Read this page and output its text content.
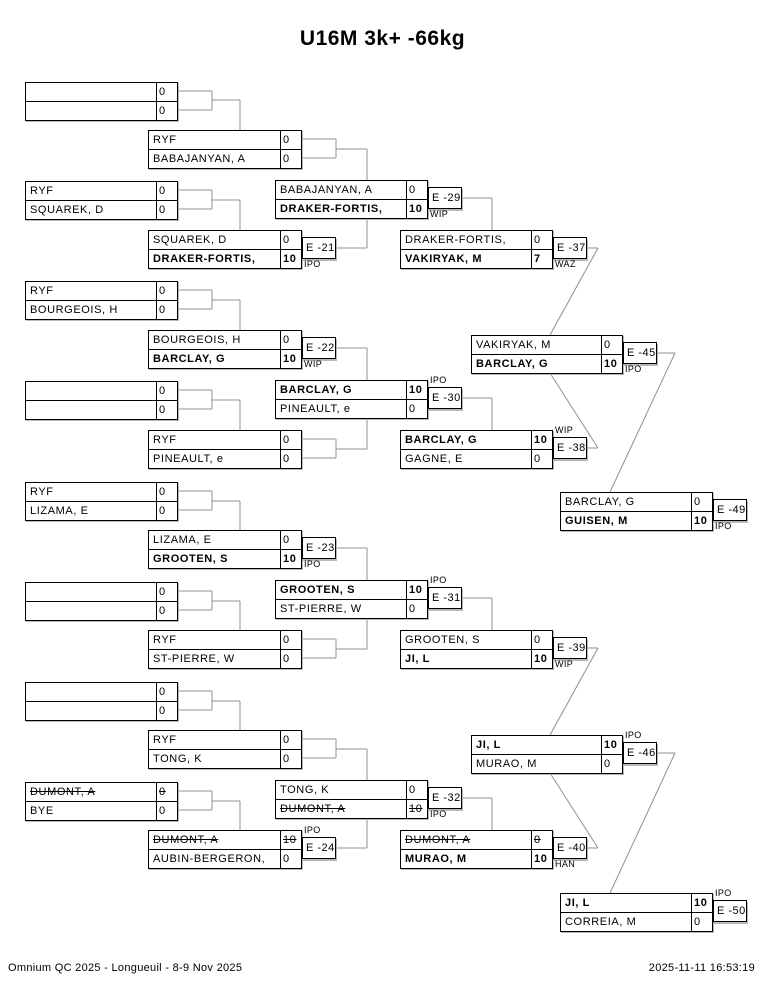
U16M 3k+ -66kg
0
0
RYF	0
SQUAREK, D	0
RYF	0
BOURGEOIS, H	0
0
0
RYF	0
LIZAMA, E	0
0
0
0
0
DUMONT, A	0
BYE	0
RYF	0
BABAJANYAN, A	0
SQUAREK, D	0
DRAKER-FORTIS,	10
E -21
IPO
BOURGEOIS, H	0
BARCLAY, G	10
E -22
WIP
RYF	0
PINEAULT, e	0
LIZAMA, E	0
GROOTEN, S	10
E -23
IPO
RYF	0
ST-PIERRE, W	0
RYF	0
TONG, K	0
DUMONT, A	10
AUBIN-BERGERON,	0
E -24
IPO
BABAJANYAN, A	0
DRAKER-FORTIS,	10
E -29
WIP
BARCLAY, G	10
PINEAULT, e	0
E -30
IPO
GROOTEN, S	10
ST-PIERRE, W	0
E -31
IPO
TONG, K	0
DUMONT, A	10
E -32
IPO
DRAKER-FORTIS,	0
VAKIRYAK, M	7
E -37
WAZ
BARCLAY, G	10
GAGNE, E	0
E -38
WIP
GROOTEN, S	0
JI, L	10
E -39
WIP
DUMONT, A	0
MURAO, M	10
E -40
HAN
VAKIRYAK, M	0
BARCLAY, G	10
E -45
IPO
JI, L	10
MURAO, M	0
E -46
IPO
BARCLAY, G	0
GUISEN, M	10
E -49
IPO
JI, L	10
CORREIA, M	0
E -50
IPO
Omnium QC 2025 - Longueuil - 8-9 Nov 2025	2025-11-11 16:53:19
